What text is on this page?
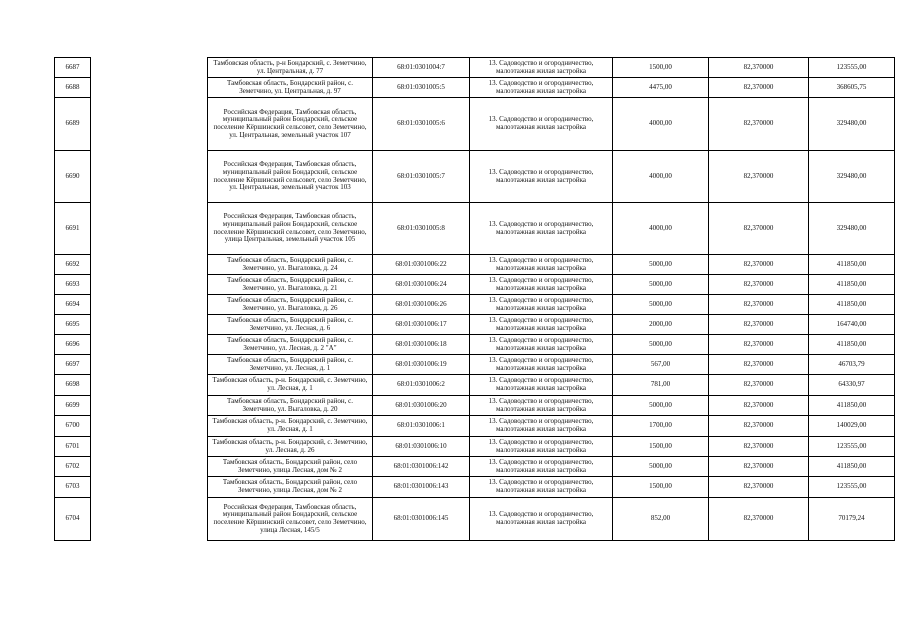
6687		Тамбовская область, р-н Бондарский, с. Земетчино, ул. Центральная, д. 77	68:01:0301004:7	13. Садоводство и огородничество, малоэтажная жилая застройка	1500,00	82,370000	123555,00
6688		Тамбовская область, Бондарский район, с. Земетчино, ул. Центральная, д. 97	68:01:0301005:5	13. Садоводство и огородничество, малоэтажная жилая застройка	4475,00	82,370000	368605,75
6689		Российская Федерация, Тамбовская область, муниципальный район Бондарский, сельское поселение Кёршинский сельсовет, село Земетчино, ул. Центральная, земельный участок 107	68:01:0301005:6	13. Садоводство и огородничество, малоэтажная жилая застройка	4000,00	82,370000	329480,00
6690		Российская Федерация, Тамбовская область, муниципальный район Бондарский, сельское поселение Кёршинский сельсовет, село Земетчино, ул. Центральная, земельный участок 103	68:01:0301005:7	13. Садоводство и огородничество, малоэтажная жилая застройка	4000,00	82,370000	329480,00
6691		Российская Федерация, Тамбовская область, муниципальный район Бондарский, сельское поселение Кёршинский сельсовет, село Земетчино, улица Центральная, земельный участок 105	68:01:0301005:8	13. Садоводство и огородничество, малоэтажная жилая застройка	4000,00	82,370000	329480,00
6692		Тамбовская область, Бондарский район, с. Земетчино, ул. Выгаловка, д. 24	68:01:0301006:22	13. Садоводство и огородничество, малоэтажная жилая застройка	5000,00	82,370000	411850,00
6693		Тамбовская область, Бондарский район, с. Земетчино, ул. Выгаловка, д. 21	68:01:0301006:24	13. Садоводство и огородничество, малоэтажная жилая застройка	5000,00	82,370000	411850,00
6694		Тамбовская область, Бондарский район, с. Земетчино, ул. Выгаловка, д. 26	68:01:0301006:26	13. Садоводство и огородничество, малоэтажная жилая застройка	5000,00	82,370000	411850,00
6695		Тамбовская область, Бондарский район, с. Земетчино, ул. Лесная, д. 6	68:01:0301006:17	13. Садоводство и огородничество, малоэтажная жилая застройка	2000,00	82,370000	164740,00
6696		Тамбовская область, Бондарский район, с. Земетчино, ул. Лесная, д. 2 "А"	68:01:0301006:18	13. Садоводство и огородничество, малоэтажная жилая застройка	5000,00	82,370000	411850,00
6697		Тамбовская область, Бондарский район, с. Земетчино, ул. Лесная, д. 1	68:01:0301006:19	13. Садоводство и огородничество, малоэтажная жилая застройка	567,00	82,370000	46703,79
6698		Тамбовская область, р-н. Бондарский, с. Земетчино, ул. Лесная, д. 1	68:01:0301006:2	13. Садоводство и огородничество, малоэтажная жилая застройка	781,00	82,370000	64330,97
6699		Тамбовская область, Бондарский район, с. Земетчино, ул. Выгаловка, д. 20	68:01:0301006:20	13. Садоводство и огородничество, малоэтажная жилая застройка	5000,00	82,370000	411850,00
6700		Тамбовская область, р-н. Бондарский, с. Земетчино, ул. Лесная, д. 1	68:01:0301006:1	13. Садоводство и огородничество, малоэтажная жилая застройка	1700,00	82,370000	140029,00
6701		Тамбовская область, р-н. Бондарский, с. Земетчино, ул. Лесная, д. 26	68:01:0301006:10	13. Садоводство и огородничество, малоэтажная жилая застройка	1500,00	82,370000	123555,00
6702		Тамбовская область, Бондарский район, село Земетчино, улица Лесная, дом № 2	68:01:0301006:142	13. Садоводство и огородничество, малоэтажная жилая застройка	5000,00	82,370000	411850,00
6703		Тамбовская область, Бондарский район, село Земетчино, улица Лесная, дом № 2	68:01:0301006:143	13. Садоводство и огородничество, малоэтажная жилая застройка	1500,00	82,370000	123555,00
6704		Российская Федерация, Тамбовская область, муниципальный район Бондарский, сельское поселение Кёршинский сельсовет, село Земетчино, улица Лесная, 145/5	68:01:0301006:145	13. Садоводство и огородничество, малоэтажная жилая застройка	852,00	82,370000	70179,24
